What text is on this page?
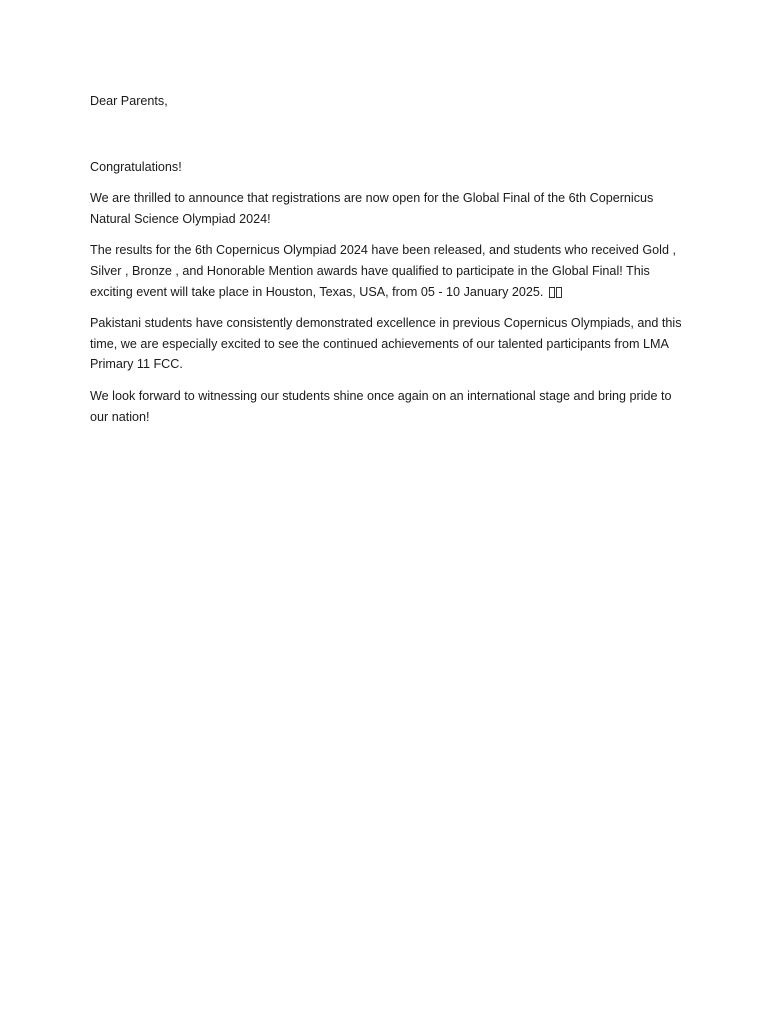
Dear Parents,

Congratulations!

We are thrilled to announce that registrations are now open for the Global Final of the 6th Copernicus Natural Science Olympiad 2024!

The results for the 6th Copernicus Olympiad 2024 have been released, and students who received Gold , Silver , Bronze , and Honorable Mention awards have qualified to participate in the Global Final! This exciting event will take place in Houston, Texas, USA, from 05 - 10 January 2025.

Pakistani students have consistently demonstrated excellence in previous Copernicus Olympiads, and this time, we are especially excited to see the continued achievements of our talented participants from LMA Primary 11 FCC.

We look forward to witnessing our students shine once again on an international stage and bring pride to our nation!
